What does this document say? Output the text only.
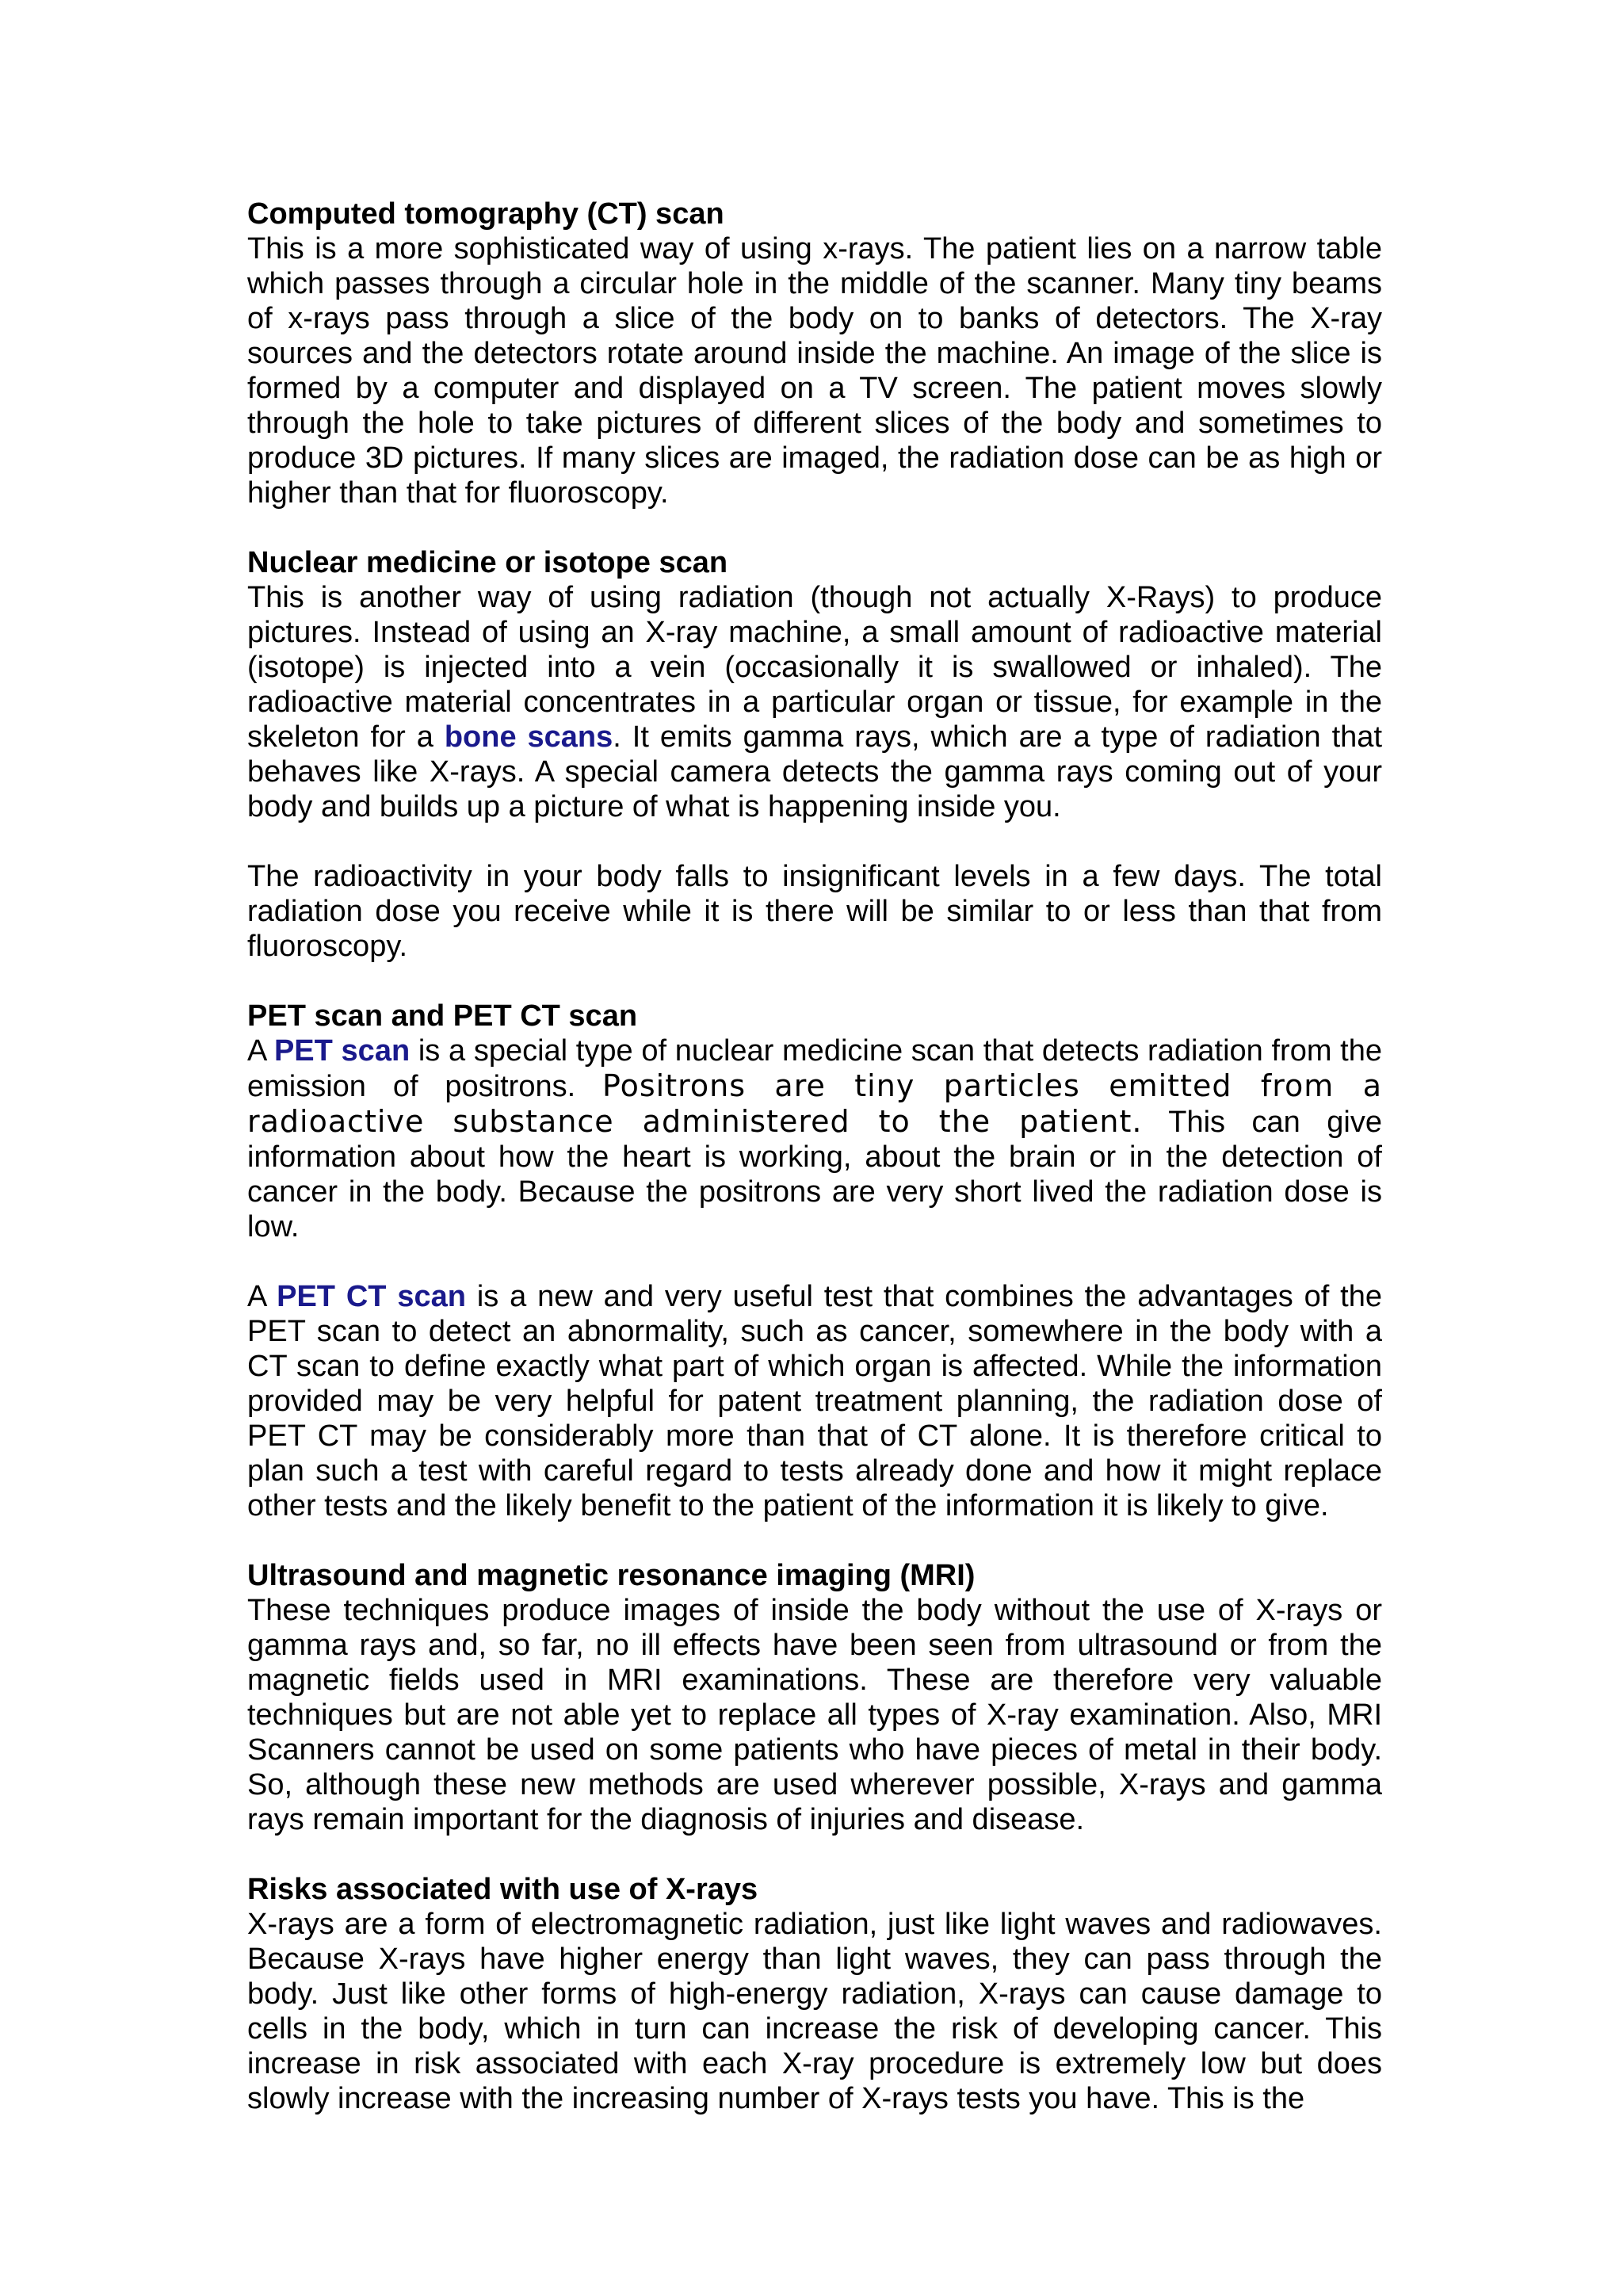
Computed tomography (CT) scan

This is a more sophisticated way of using x-rays. The patient lies on a narrow table which passes through a circular hole in the middle of the scanner. Many tiny beams of x-rays pass through a slice of the body on to banks of detectors. The X-ray sources and the detectors rotate around inside the machine. An image of the slice is formed by a computer and displayed on a TV screen. The patient moves slowly through the hole to take pictures of different slices of the body and sometimes to produce 3D pictures. If many slices are imaged, the radiation dose can be as high or higher than that for fluoroscopy.

Nuclear medicine or isotope scan

This is another way of using radiation (though not actually X-Rays) to produce pictures. Instead of using an X-ray machine, a small amount of radioactive material (isotope) is injected into a vein (occasionally it is swallowed or inhaled). The radioactive material concentrates in a particular organ or tissue, for example in the skeleton for a bone scans. It emits gamma rays, which are a type of radiation that behaves like X-rays. A special camera detects the gamma rays coming out of your body and builds up a picture of what is happening inside you.

The radioactivity in your body falls to insignificant levels in a few days. The total radiation dose you receive while it is there will be similar to or less than that from fluoroscopy.

PET scan and PET CT scan

A PET scan is a special type of nuclear medicine scan that detects radiation from the emission of positrons. Positrons are tiny particles emitted from a radioactive substance administered to the patient. This can give information about how the heart is working, about the brain or in the detection of cancer in the body. Because the positrons are very short lived the radiation dose is low.

A PET CT scan is a new and very useful test that combines the advantages of the PET scan to detect an abnormality, such as cancer, somewhere in the body with a CT scan to define exactly what part of which organ is affected. While the information provided may be very helpful for patent treatment planning, the radiation dose of PET CT may be considerably more than that of CT alone. It is therefore critical to plan such a test with careful regard to tests already done and how it might replace other tests and the likely benefit to the patient of the information it is likely to give.

Ultrasound and magnetic resonance imaging (MRI)

These techniques produce images of inside the body without the use of X-rays or gamma rays and, so far, no ill effects have been seen from ultrasound or from the magnetic fields used in MRI examinations. These are therefore very valuable techniques but are not able yet to replace all types of X-ray examination. Also, MRI Scanners cannot be used on some patients who have pieces of metal in their body. So, although these new methods are used wherever possible, X-rays and gamma rays remain important for the diagnosis of injuries and disease.

Risks associated with use of X-rays

X-rays are a form of electromagnetic radiation, just like light waves and radiowaves. Because X-rays have higher energy than light waves, they can pass through the body. Just like other forms of high-energy radiation, X-rays can cause damage to cells in the body, which in turn can increase the risk of developing cancer. This increase in risk associated with each X-ray procedure is extremely low but does slowly increase with the increasing number of X-rays tests you have. This is the
